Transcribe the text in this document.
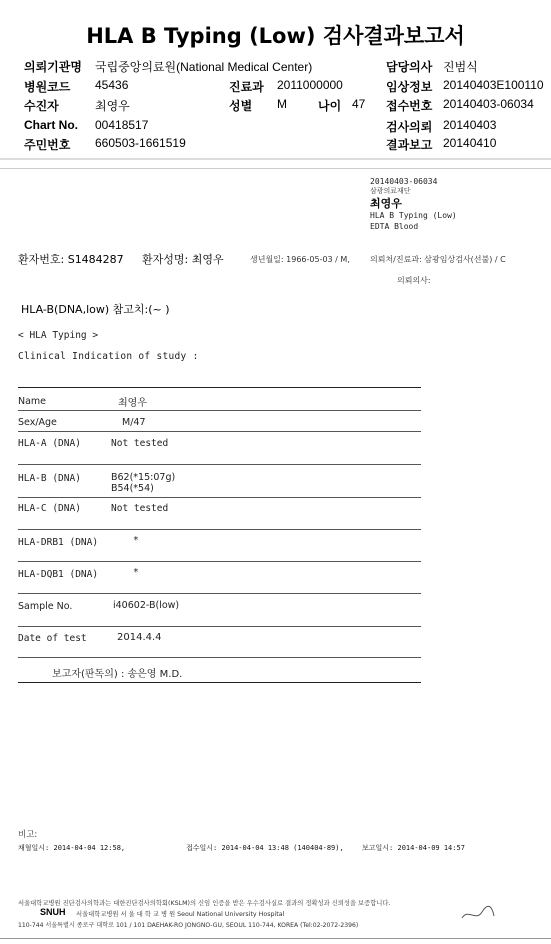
HLA B Typing (Low) 검사결과보고서
의뢰기관명 국립중앙의료원(National Medical Center)
병원코드 45436
수진자	최영우
Chart No. 00418517
주민번호 660503-1661519
진료과 2011000000
성별 M	나이 47
담당의사 진범식
임상정보 20140403E100110
접수번호 20140403-06034
검사의뢰 20140403
결과보고 20140410
20140403-06034
삼광의료재단
최영우
HLA B Typing (Low)
EDTA Blood
환자번호: S1484287 환자성명: 최영우	생년월일: 1966-05-03 / M,	의뢰처/진료과: 삼광임상검사(선불) / C
의뢰의사:
HLA-B(DNA,low) 참고치:(~ )
< HLA Typing >
Clinical Indication of study :
Name	최영우
Sex/Age	M/47
HLA-A (DNA)	Not tested
HLA-B (DNA)	B62(*15:07g)
B54(*54)
HLA-C (DNA)	Not tested
HLA-DRB1 (DNA)	*
HLA-DQB1 (DNA)	*
Sample No.	i40602-B(low)
Date of test	2014.4.4
보고자(판독의) : 송은영 M.D.
비고:
채혈일시: 2014-04-04 12:58,	접수일시: 2014-04-04 13:48 (140404-89),	보고일시: 2014-04-09 14:57
서울대학교병원 진단검사의학과는 대한진단검사의학회(KSLM)의 신임 인증을 받은 우수검사실로 결과의 정확성과 신뢰성을 보증합니다.
SNUH 서울대학교병원 서 울 대 학 교 병 원 Seoul National University Hospital
110-744 서울특별시 종로구 대학로 101 / 101 DAEHAK-RO JONGNO-GU, SEOUL 110-744, KOREA (Tel:02-2072-2396)
